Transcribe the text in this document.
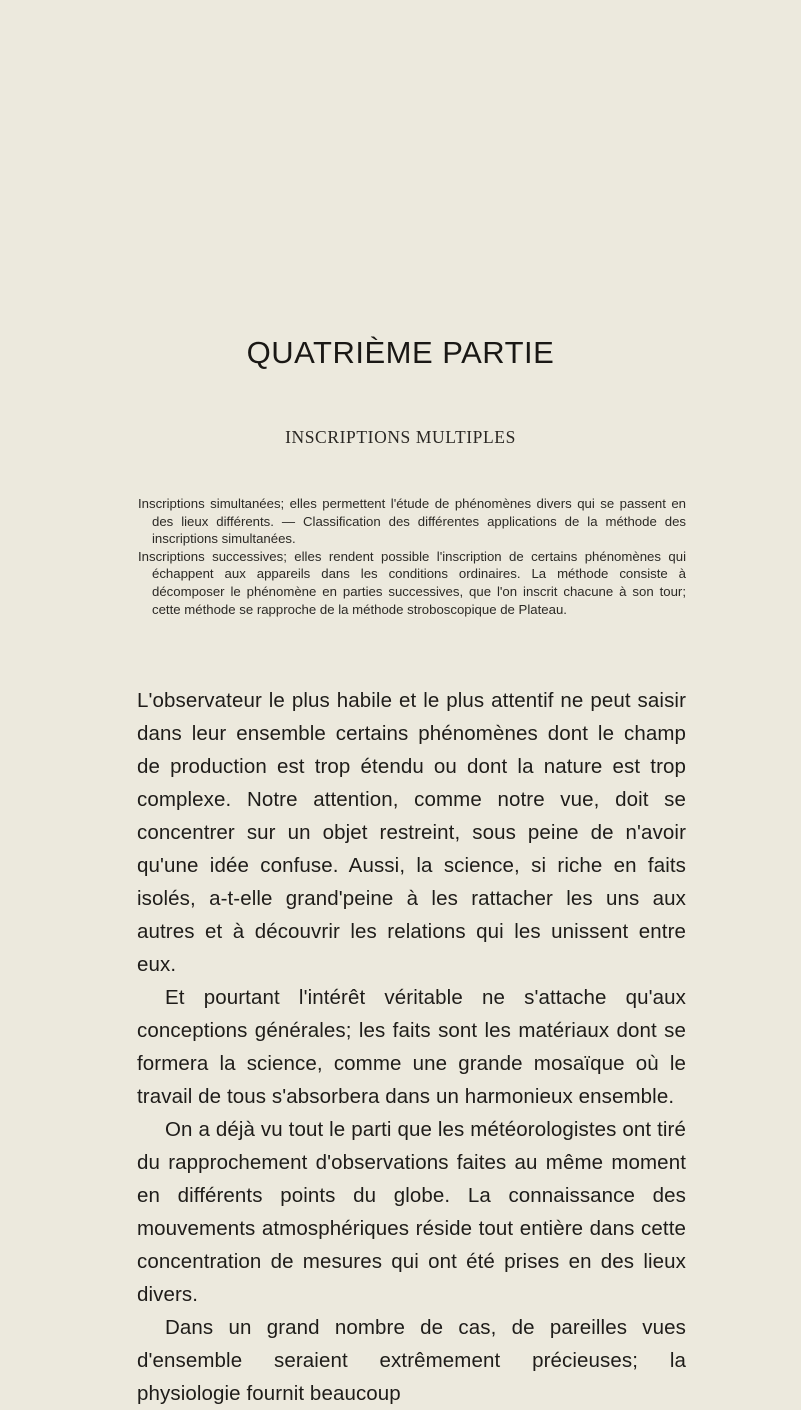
QUATRIÈME PARTIE
INSCRIPTIONS MULTIPLES

Inscriptions simultanées; elles permettent l'étude de phénomènes divers qui se passent en des lieux différents. — Classification des différentes applications de la méthode des inscriptions simultanées.

Inscriptions successives; elles rendent possible l'inscription de certains phénomènes qui échappent aux appareils dans les conditions ordinaires. La méthode consiste à décomposer le phénomène en parties successives, que l'on inscrit chacune à son tour; cette méthode se rapproche de la méthode stroboscopique de Plateau.

L'observateur le plus habile et le plus attentif ne peut saisir dans leur ensemble certains phénomènes dont le champ de production est trop étendu ou dont la nature est trop complexe. Notre attention, comme notre vue, doit se concentrer sur un objet restreint, sous peine de n'avoir qu'une idée confuse. Aussi, la science, si riche en faits isolés, a-t-elle grand'peine à les rattacher les uns aux autres et à découvrir les relations qui les unissent entre eux.

Et pourtant l'intérêt véritable ne s'attache qu'aux conceptions générales; les faits sont les matériaux dont se formera la science, comme une grande mosaïque où le travail de tous s'absorbera dans un harmonieux ensemble.

On a déjà vu tout le parti que les météorologistes ont tiré du rapprochement d'observations faites au même moment en différents points du globe. La connaissance des mouvements atmosphériques réside tout entière dans cette concentration de mesures qui ont été prises en des lieux divers.

Dans un grand nombre de cas, de pareilles vues d'ensemble seraient extrêmement précieuses; la physiologie fournit beaucoup
